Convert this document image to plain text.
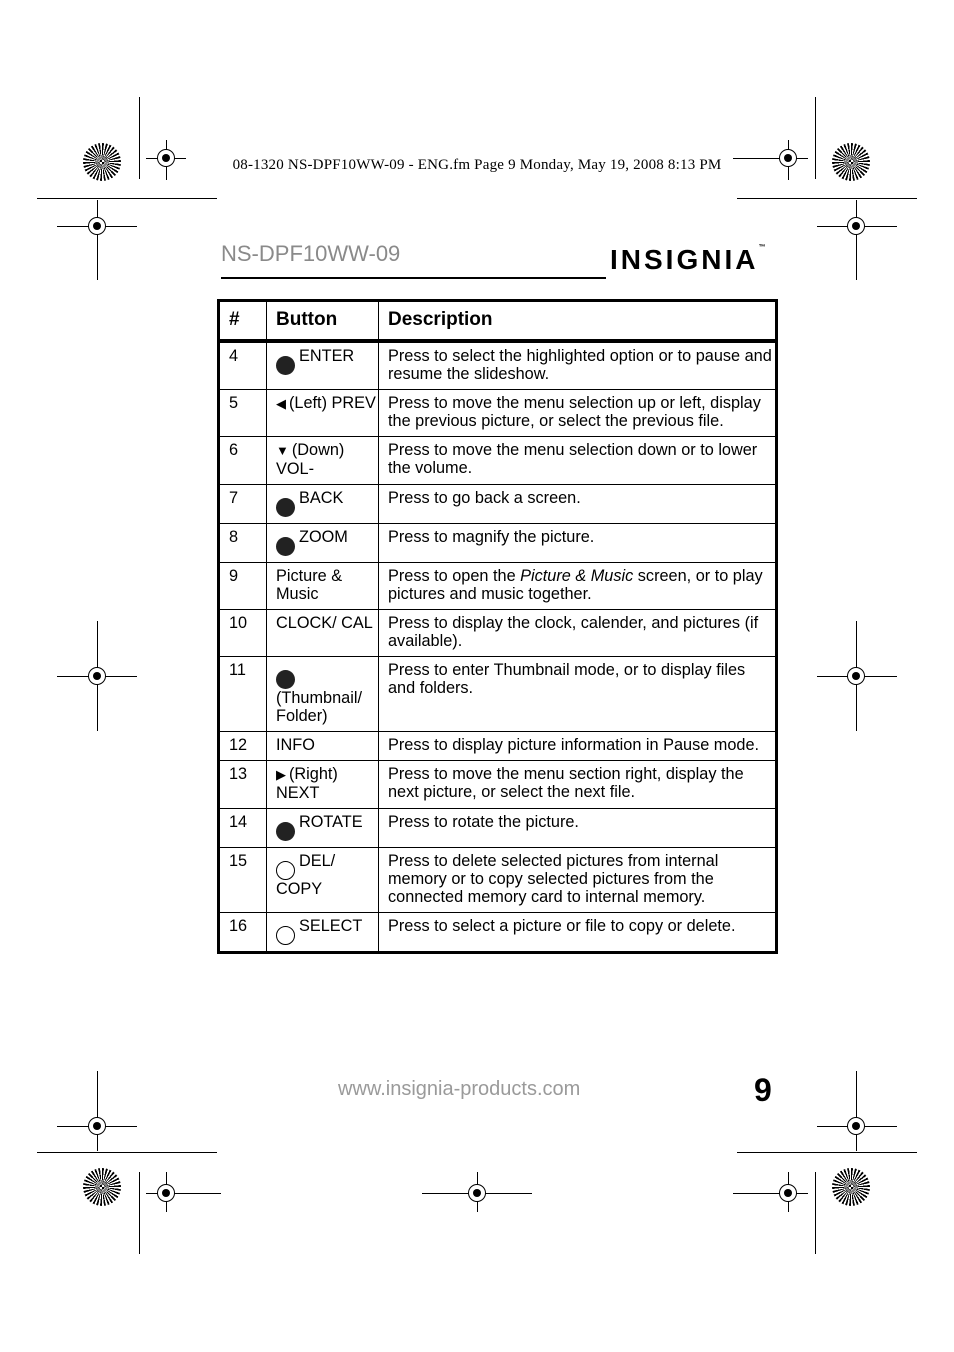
08-1320 NS-DPF10WW-09 - ENG.fm Page 9 Monday, May 19, 2008 8:13 PM
NS-DPF10WW-09	INSIGNIA™
#	Button	Description
4	ENTER	Press to select the highlighted option or to pause and resume the slideshow.
5	◀ (Left) PREV	Press to move the menu selection up or left, display the previous picture, or select the previous file.
6	▼ (Down) VOL-	Press to move the menu selection down or to lower the volume.
7	BACK	Press to go back a screen.
8	ZOOM	Press to magnify the picture.
9	Picture & Music	Press to open the Picture & Music screen, or to play pictures and music together.
10	CLOCK/ CAL	Press to display the clock, calender, and pictures (if available).
11	(Thumbnail/ Folder)	Press to enter Thumbnail mode, or to display files and folders.
12	INFO	Press to display picture information in Pause mode.
13	▶ (Right) NEXT	Press to move the menu section right, display the next picture, or select the next file.
14	ROTATE	Press to rotate the picture.
15	DEL/ COPY	Press to delete selected pictures from internal memory or to copy selected pictures from the connected memory card to internal memory.
16	SELECT	Press to select a picture or file to copy or delete.
www.insignia-products.com	9
